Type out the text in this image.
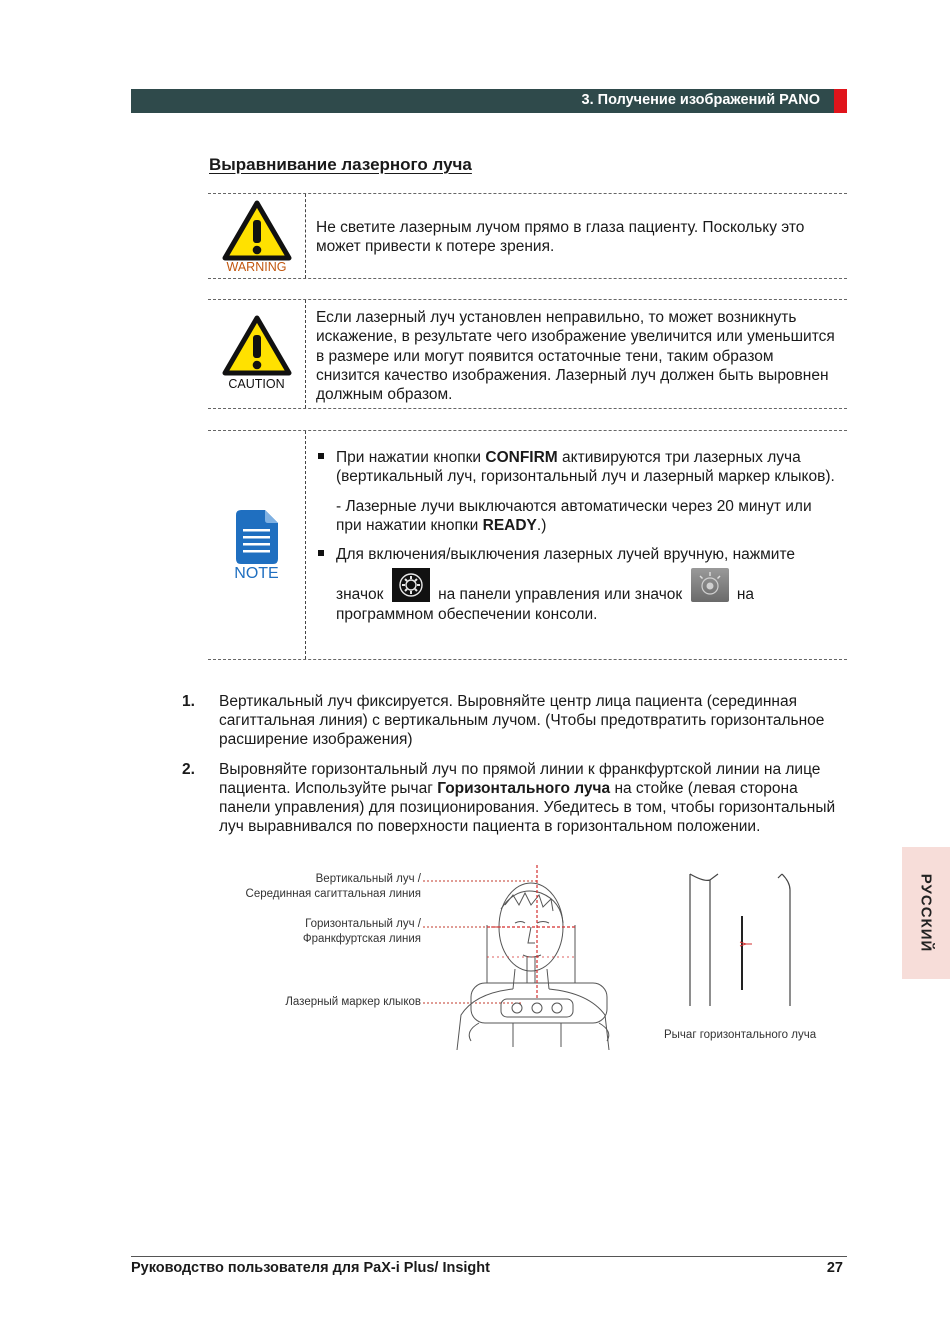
3. Получение изображений PANO
Выравнивание лазерного луча
WARNING
Не светите лазерным лучом прямо в глаза пациенту. Поскольку это может привести к потере зрения.
CAUTION
Если лазерный луч установлен неправильно, то может возникнуть искажение, в результате чего изображение увеличится или уменьшится в размере или могут появится остаточные тени, таким образом снизится качество изображения. Лазерный луч должен быть выровнен должным образом.
NOTE
При нажатии кнопки CONFIRM активируются три лазерных луча (вертикальный луч, горизонтальный луч и лазерный маркер клыков).
- Лазерные лучи выключаются автоматически через 20 минут или при нажатии кнопки READY.)
Для включения/выключения лазерных лучей вручную, нажмите
значок	на панели управления или значок	на
программном обеспечении консоли.
1. Вертикальный луч фиксируется. Выровняйте центр лица пациента (серединная сагиттальная линия) с вертикальным лучом. (Чтобы предотвратить горизонтальное расширение изображения)
2. Выровняйте горизонтальный луч по прямой линии к франкфуртской линии на лице пациента. Используйте рычаг Горизонтального луча на стойке (левая сторона панели управления) для позиционирования. Убедитесь в том, чтобы горизонтальный луч выравнивался по поверхности пациента в горизонтальном положении.
Вертикальный луч /
Серединная сагиттальная линия
Горизонтальный луч /
Франкфуртская линия
Лазерный маркер клыков
Рычаг горизонтального луча
РУССКИЙ
Руководство пользователя для PaX-i Plus/ Insight	27
